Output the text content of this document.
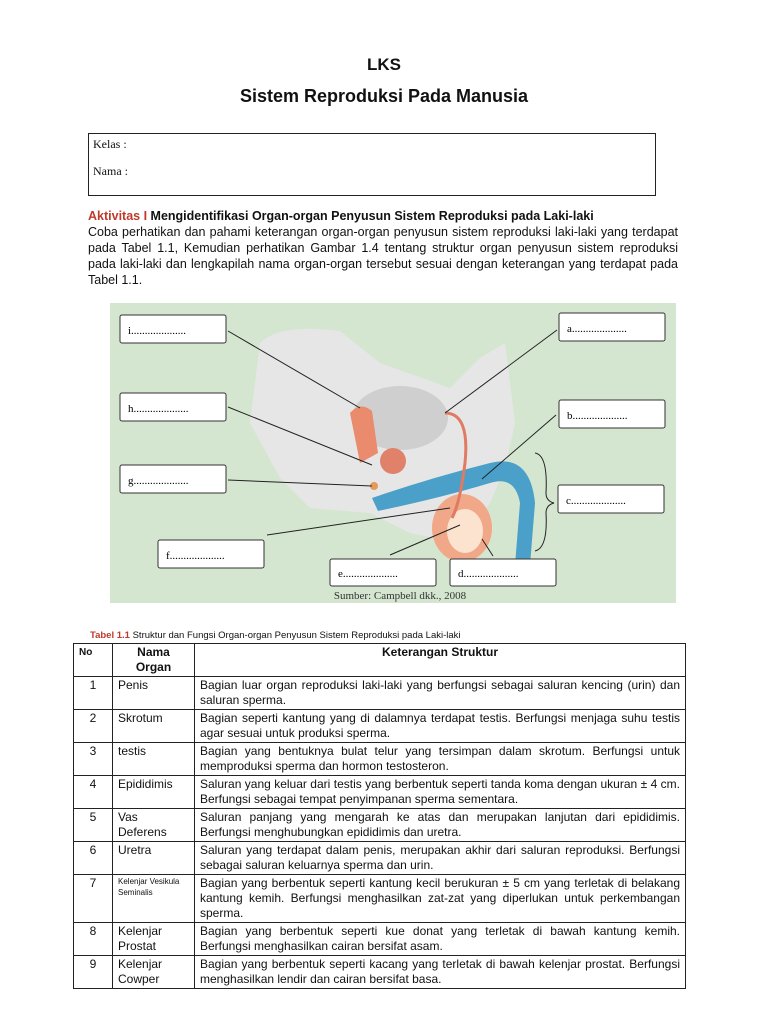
LKS
Sistem Reproduksi Pada Manusia
Kelas :
Nama :
Aktivitas I Mengidentifikasi Organ-organ Penyusun Sistem Reproduksi pada Laki-laki
Coba perhatikan dan pahami keterangan organ-organ penyusun sistem reproduksi laki-laki yang terdapat pada Tabel 1.1, Kemudian perhatikan Gambar 1.4 tentang struktur organ penyusun sistem reproduksi pada laki-laki dan lengkapilah nama organ-organ tersebut sesuai dengan keterangan yang terdapat pada Tabel 1.1.
i....................	a....................
h....................
b....................
g....................
c....................
f....................
e....................	d....................
Sumber: Campbell dkk., 2008
Tabel 1.1 Struktur dan Fungsi Organ-organ Penyusun Sistem Reproduksi pada Laki-laki
No	Nama Organ	Keterangan Struktur
1	Penis	Bagian luar organ reproduksi laki-laki yang berfungsi sebagai saluran kencing (urin) dan saluran sperma.
2	Skrotum	Bagian seperti kantung yang di dalamnya terdapat testis. Berfungsi menjaga suhu testis agar sesuai untuk produksi sperma.
3	testis	Bagian yang bentuknya bulat telur yang tersimpan dalam skrotum. Berfungsi untuk memproduksi sperma dan hormon testosteron.
4	Epididimis	Saluran yang keluar dari testis yang berbentuk seperti tanda koma dengan ukuran ± 4 cm. Berfungsi sebagai tempat penyimpanan sperma sementara.
5	Vas Deferens	Saluran panjang yang mengarah ke atas dan merupakan lanjutan dari epididimis. Berfungsi menghubungkan epididimis dan uretra.
6	Uretra	Saluran yang terdapat dalam penis, merupakan akhir dari saluran reproduksi. Berfungsi sebagai saluran keluarnya sperma dan urin.
7	Kelenjar Vesikula Seminalis	Bagian yang berbentuk seperti kantung kecil berukuran ± 5 cm yang terletak di belakang kantung kemih. Berfungsi menghasilkan zat-zat yang diperlukan untuk perkembangan sperma.
8	Kelenjar Prostat	Bagian yang berbentuk seperti kue donat yang terletak di bawah kantung kemih. Berfungsi menghasilkan cairan bersifat asam.
9	Kelenjar Cowper	Bagian yang berbentuk seperti kacang yang terletak di bawah kelenjar prostat. Berfungsi menghasilkan lendir dan cairan bersifat basa.
